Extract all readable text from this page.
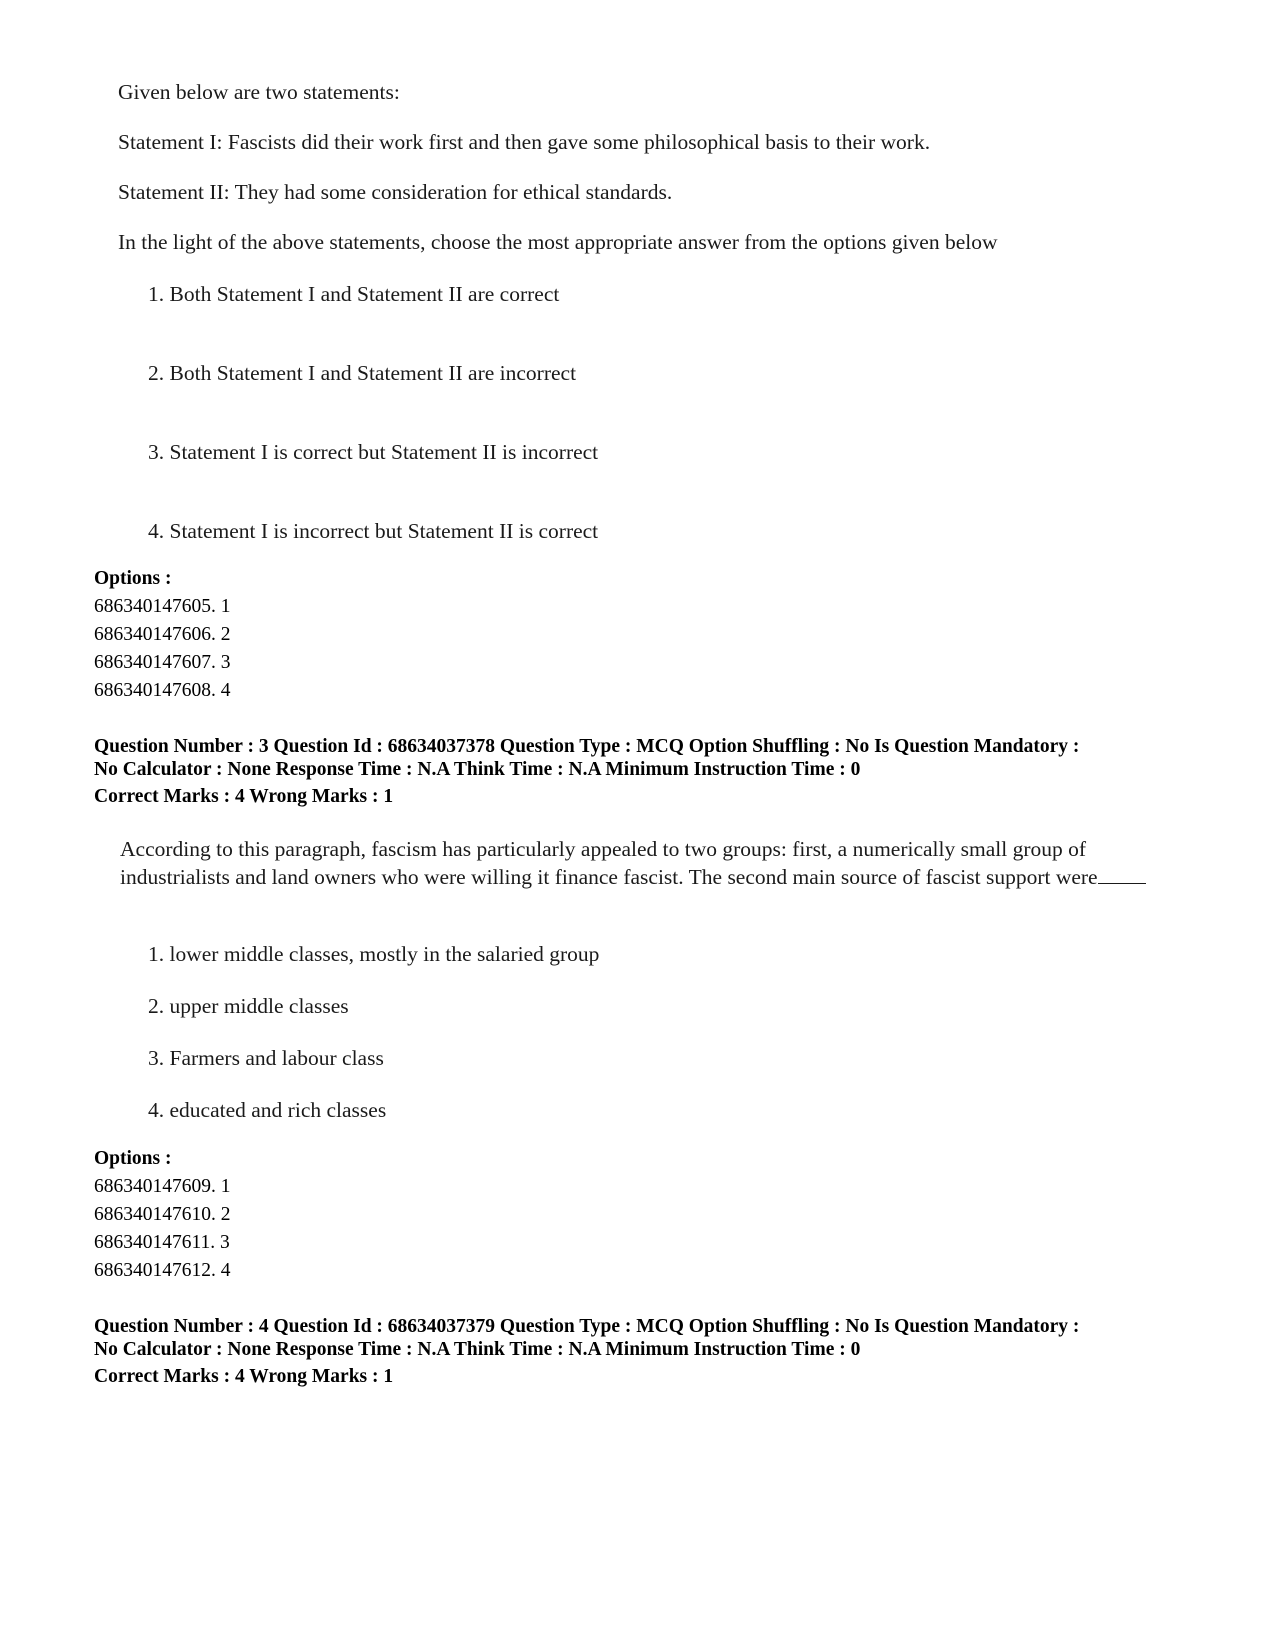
Given below are two statements:
Statement I: Fascists did their work first and then gave some philosophical basis to their work.
Statement II: They had some consideration for ethical standards.
In the light of the above statements, choose the most appropriate answer from the options given below
1. Both Statement I and Statement II are correct
2. Both Statement I and Statement II are incorrect
3. Statement I is correct but Statement II is incorrect
4. Statement I is incorrect but Statement II is correct
Options :
686340147605. 1
686340147606. 2
686340147607. 3
686340147608. 4
Question Number : 3 Question Id : 68634037378 Question Type : MCQ Option Shuffling : No Is Question Mandatory :
No Calculator : None Response Time : N.A Think Time : N.A Minimum Instruction Time : 0
Correct Marks : 4 Wrong Marks : 1
According to this paragraph, fascism has particularly appealed to two groups: first, a numerically small group of industrialists and land owners who were willing it finance fascist. The second main source of fascist support were
1. lower middle classes, mostly in the salaried group
2. upper middle classes
3. Farmers and labour class
4. educated and rich classes
Options :
686340147609. 1
686340147610. 2
686340147611. 3
686340147612. 4
Question Number : 4 Question Id : 68634037379 Question Type : MCQ Option Shuffling : No Is Question Mandatory :
No Calculator : None Response Time : N.A Think Time : N.A Minimum Instruction Time : 0
Correct Marks : 4 Wrong Marks : 1
